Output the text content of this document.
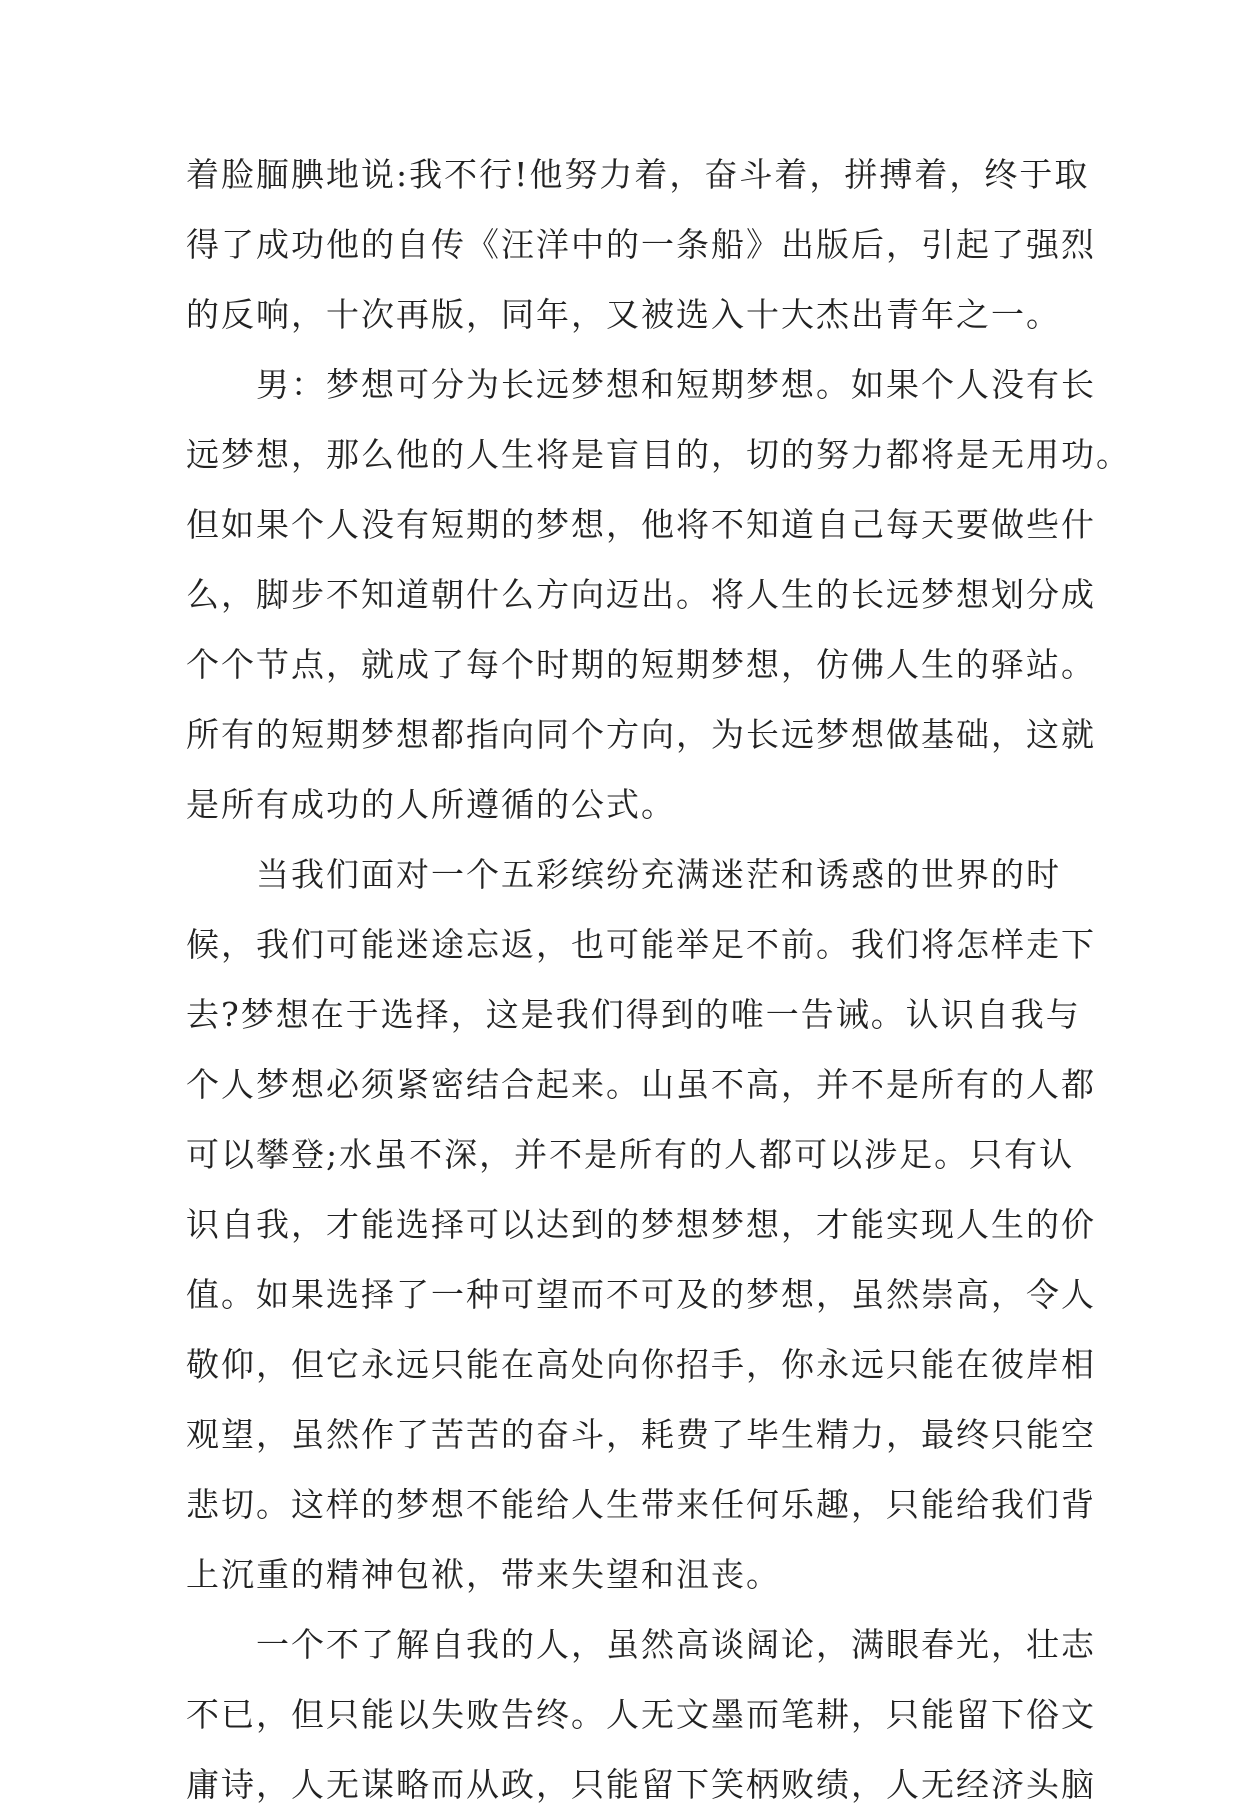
着脸腼腆地说:我不行!他努力着，奋斗着，拼搏着，终于取
得了成功他的自传《汪洋中的一条船》出版后，引起了强烈
的反响，十次再版，同年，又被选入十大杰出青年之一。
　　男：梦想可分为长远梦想和短期梦想。如果个人没有长
远梦想，那么他的人生将是盲目的，切的努力都将是无用功。
但如果个人没有短期的梦想，他将不知道自己每天要做些什
么，脚步不知道朝什么方向迈出。将人生的长远梦想划分成
个个节点，就成了每个时期的短期梦想，仿佛人生的驿站。
所有的短期梦想都指向同个方向，为长远梦想做基础，这就
是所有成功的人所遵循的公式。
　　当我们面对一个五彩缤纷充满迷茫和诱惑的世界的时
候，我们可能迷途忘返，也可能举足不前。我们将怎样走下
去?梦想在于选择，这是我们得到的唯一告诫。认识自我与
个人梦想必须紧密结合起来。山虽不高，并不是所有的人都
可以攀登;水虽不深，并不是所有的人都可以涉足。只有认
识自我，才能选择可以达到的梦想梦想，才能实现人生的价
值。如果选择了一种可望而不可及的梦想，虽然崇高，令人
敬仰，但它永远只能在高处向你招手，你永远只能在彼岸相
观望，虽然作了苦苦的奋斗，耗费了毕生精力，最终只能空
悲切。这样的梦想不能给人生带来任何乐趣，只能给我们背
上沉重的精神包袱，带来失望和沮丧。
　　一个不了解自我的人，虽然高谈阔论，满眼春光，壮志
不已，但只能以失败告终。人无文墨而笔耕，只能留下俗文
庸诗，人无谋略而从政，只能留下笑柄败绩，人无经济头脑
